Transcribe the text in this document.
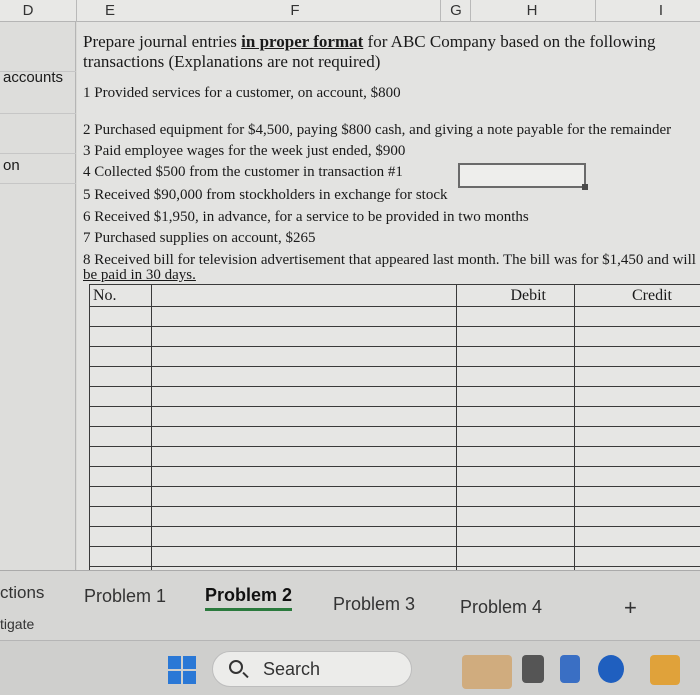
D	E	F	G	H	I
accounts
on
Prepare journal entries in proper format for ABC Company based on the following
transactions (Explanations are not required)
1 Provided services for a customer, on account, $800
2 Purchased equipment for $4,500, paying $800 cash, and giving a note payable for the remainder
3 Paid employee wages for the week just ended, $900
4 Collected $500 from the customer in transaction #1
5 Received $90,000 from stockholders in exchange for stock
6 Received $1,950, in advance, for a service to be provided in two months
7 Purchased supplies on account, $265
8 Received bill for television advertisement that appeared last month. The bill was for $1,450 and will
be paid in 30 days.
No.		Debit	Credit

ctions
tigate
Problem 1 Problem 2 Problem 3 Problem 4	+
Search
